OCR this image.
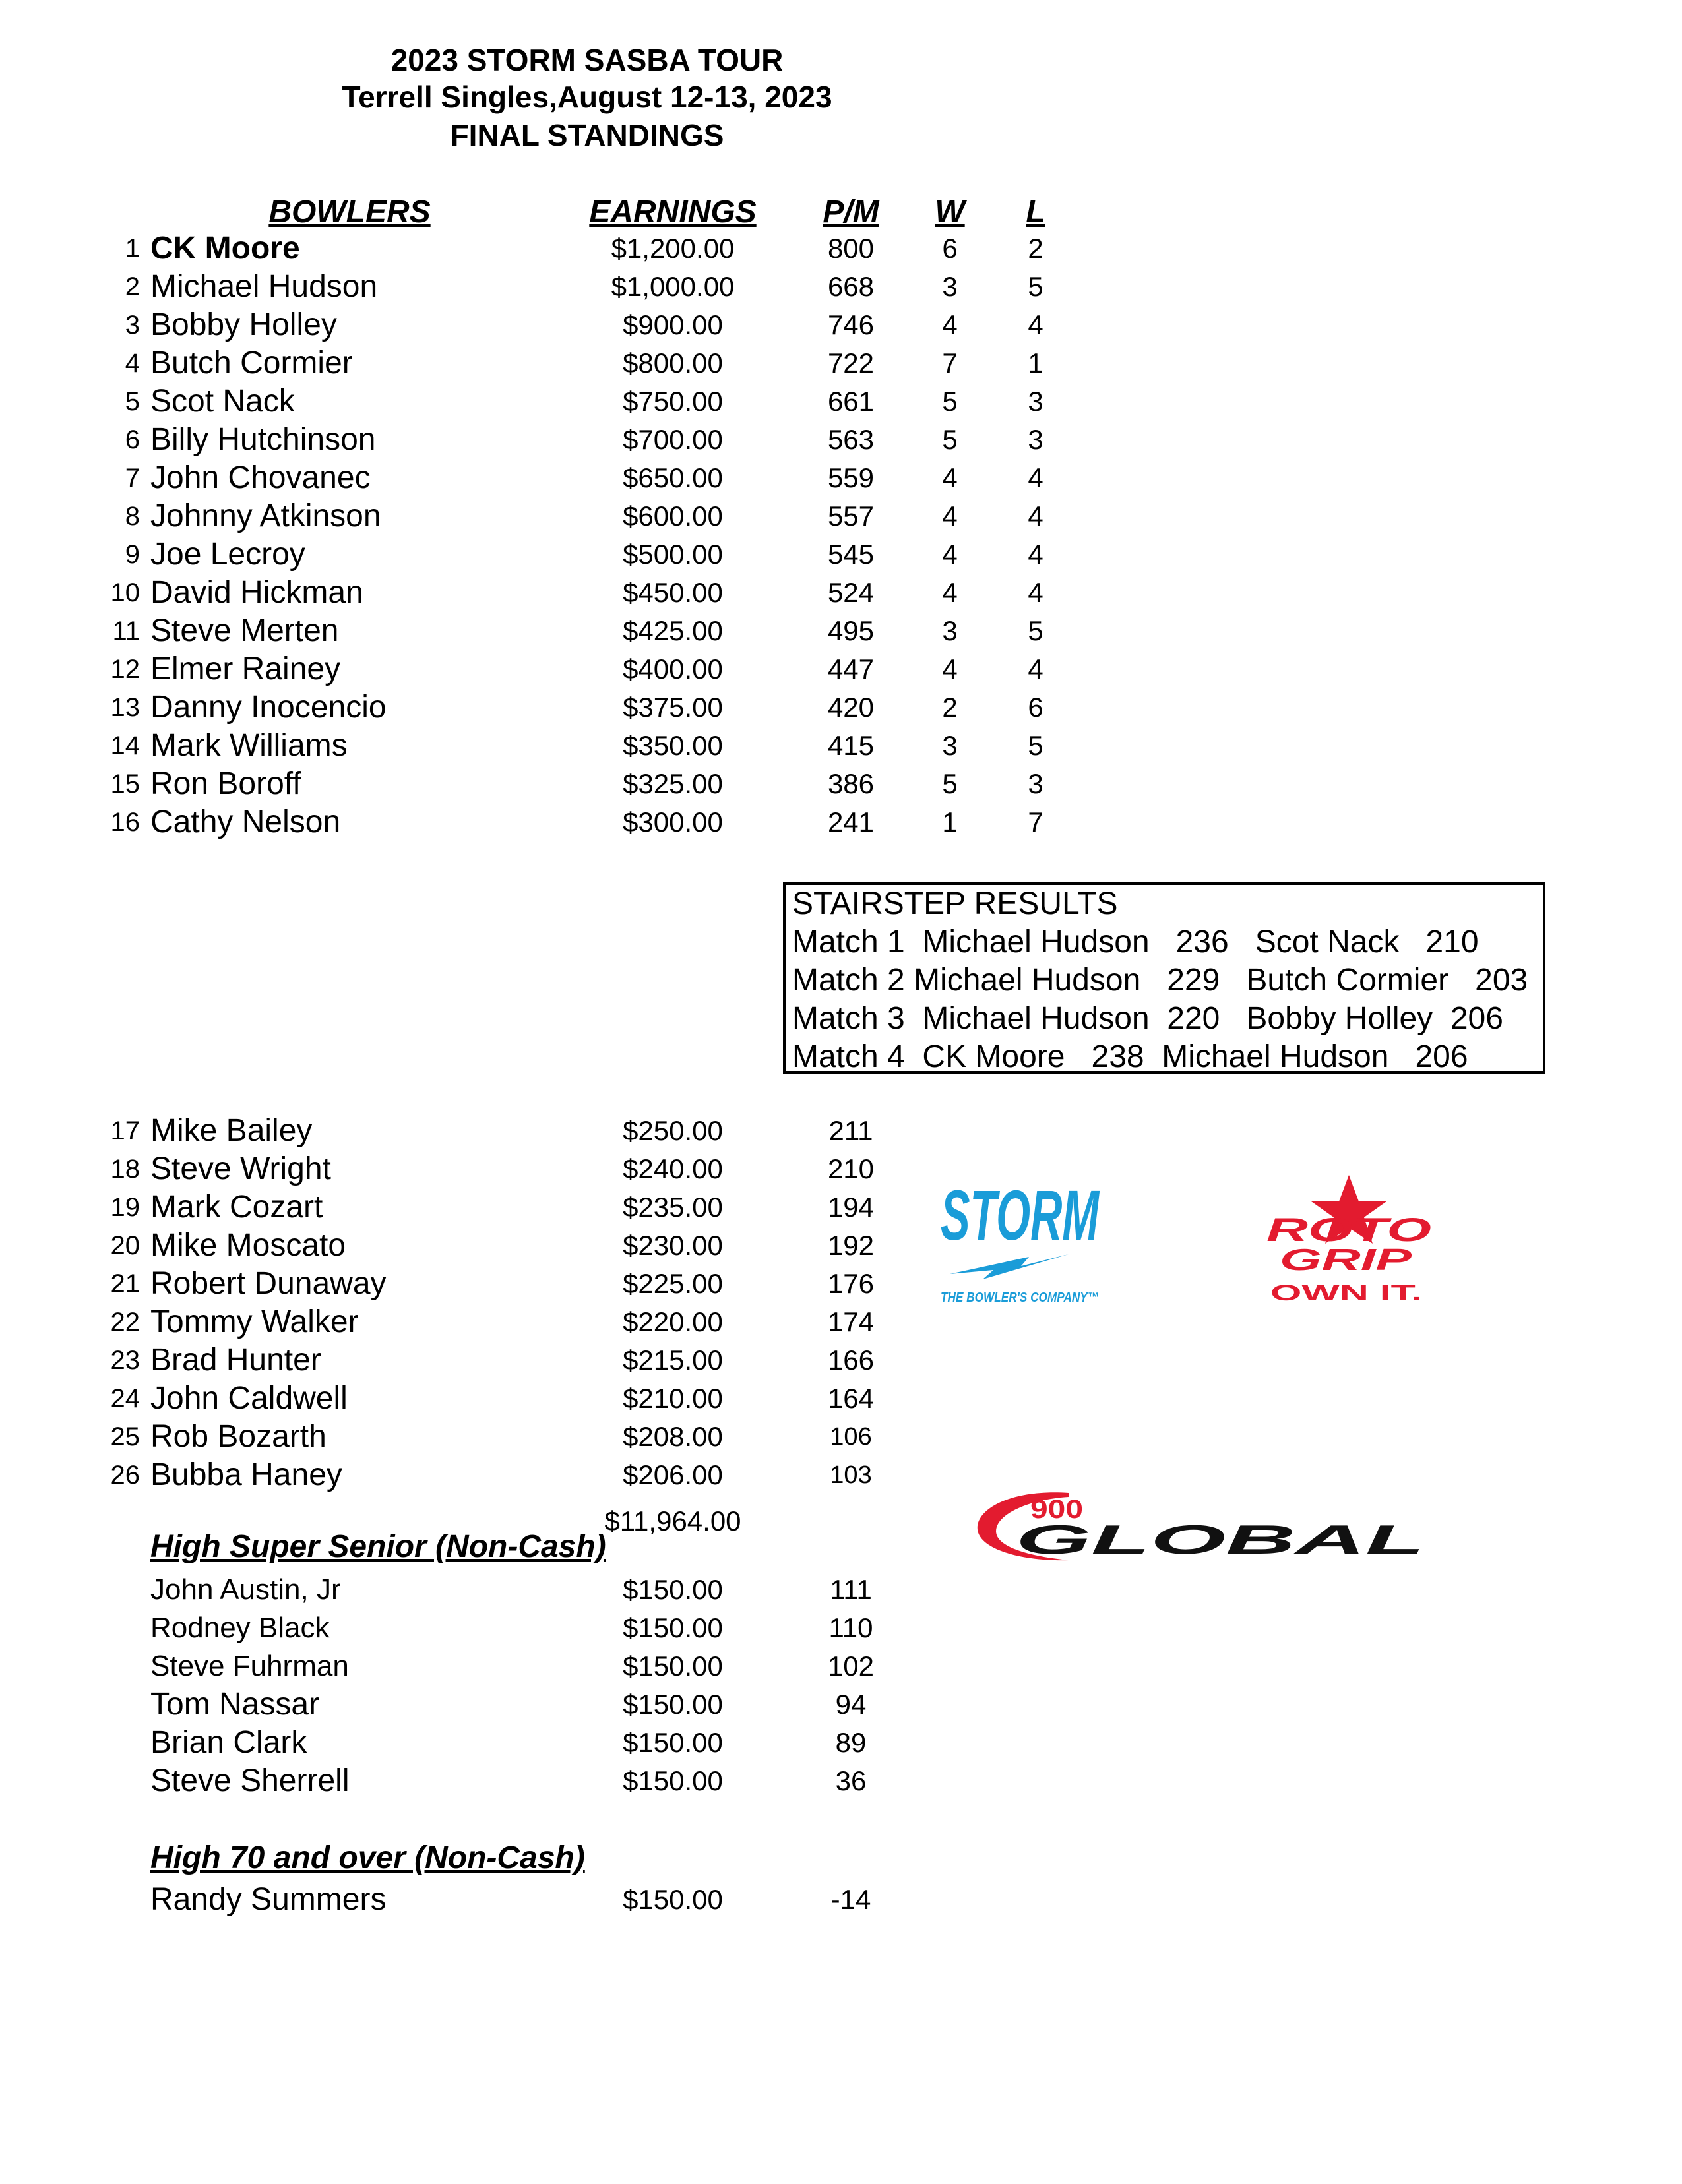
2023 STORM SASBA TOUR
Terrell Singles,August 12-13, 2023
FINAL STANDINGS
BOWLERS	EARNINGS	P/M	W	L
1 CK Moore	$1,200.00	800	6	2
2 Michael Hudson	$1,000.00	668	3	5
3 Bobby Holley	$900.00	746	4	4
4 Butch Cormier	$800.00	722	7	1
5 Scot Nack	$750.00	661	5	3
6 Billy Hutchinson	$700.00	563	5	3
7 John Chovanec	$650.00	559	4	4
8 Johnny Atkinson	$600.00	557	4	4
9 Joe Lecroy	$500.00	545	4	4
10 David Hickman	$450.00	524	4	4
11 Steve Merten	$425.00	495	3	5
12 Elmer Rainey	$400.00	447	4	4
13 Danny Inocencio	$375.00	420	2	6
14 Mark Williams	$350.00	415	3	5
15 Ron Boroff	$325.00	386	5	3
16 Cathy Nelson	$300.00	241	1	7
STAIRSTEP RESULTS
Match 1  Michael Hudson   236   Scot Nack   210
Match 2 Michael Hudson   229   Butch Cormier   203
Match 3  Michael Hudson  220   Bobby Holley  206
Match 4  CK Moore   238  Michael Hudson   206
17 Mike Bailey	$250.00	211
18 Steve Wright	$240.00	210
19 Mark Cozart	$235.00	194
20 Mike Moscato	$230.00	192
21 Robert Dunaway	$225.00	176
22 Tommy Walker	$220.00	174
23 Brad Hunter	$215.00	166
24 John Caldwell	$210.00	164
25 Rob Bozarth	$208.00	106
26 Bubba Haney	$206.00	103
$11,964.00
High Super Senior (Non-Cash)
John Austin, Jr	$150.00	111
Rodney Black	$150.00	110
Steve Fuhrman	$150.00	102
Tom Nassar	$150.00	94
Brian Clark	$150.00	89
Steve Sherrell	$150.00	36
High 70 and over (Non-Cash)
Randy Summers	$150.00	-14
STORM
THE BOWLER'S COMPANY™
ROTO
GRIP
OWN IT.
900
GLOBAL
